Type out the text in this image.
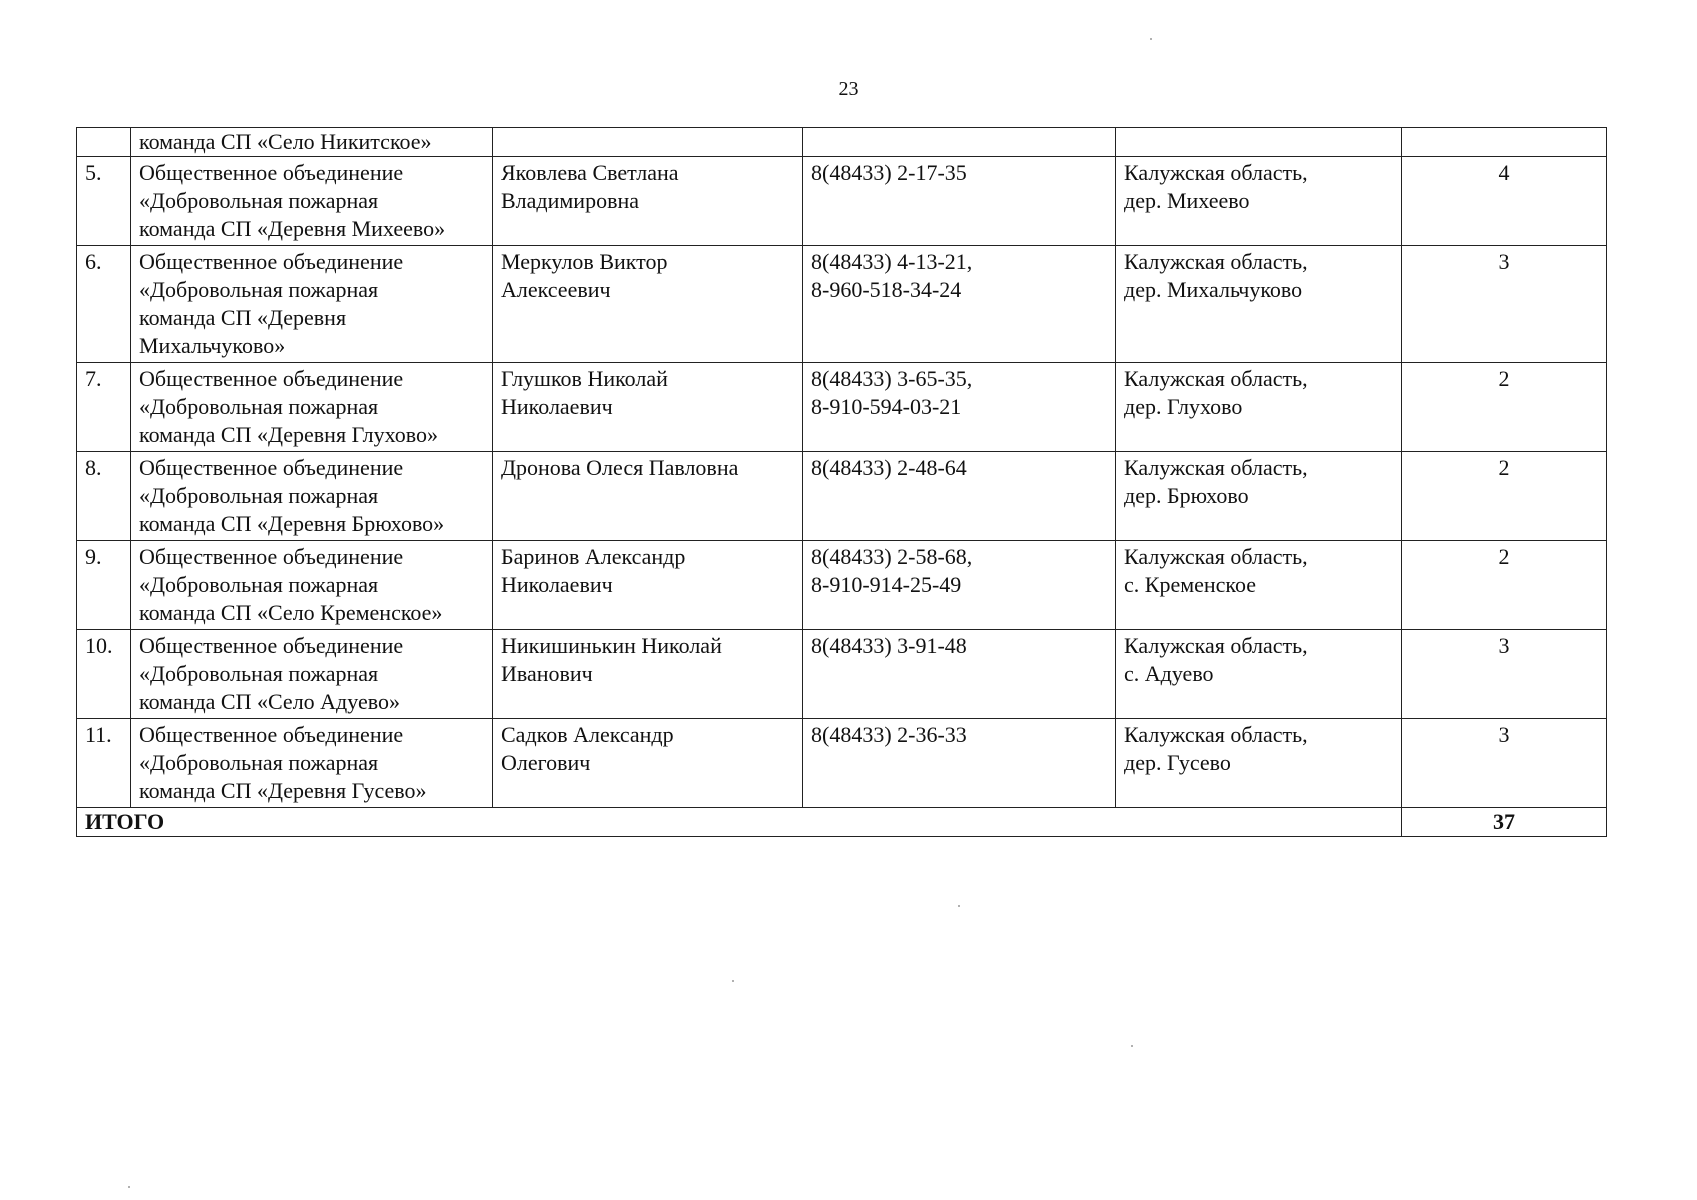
23

	команда СП «Село Никитское»				

5.	Общественное объединение
«Добровольная пожарная
команда СП «Деревня Михеево»	Яковлева Светлана
Владимировна	8(48433) 2-17-35	Калужская область,
дер. Михеево	4
6.	Общественное объединение
«Добровольная пожарная
команда СП «Деревня
Михальчуково»	Меркулов Виктор
Алексеевич	8(48433) 4-13-21,
8-960-518-34-24	Калужская область,
дер. Михальчуково	3
7.	Общественное объединение
«Добровольная пожарная
команда СП «Деревня Глухово»	Глушков Николай
Николаевич	8(48433) 3-65-35,
8-910-594-03-21	Калужская область,
дер. Глухово	2
8.	Общественное объединение
«Добровольная пожарная
команда СП «Деревня Брюхово»	Дронова Олеся Павловна	8(48433) 2-48-64	Калужская область,
дер. Брюхово	2
9.	Общественное объединение
«Добровольная пожарная
команда СП «Село Кременское»	Баринов Александр
Николаевич	8(48433) 2-58-68,
8-910-914-25-49	Калужская область,
с. Кременское	2
10.	Общественное объединение
«Добровольная пожарная
команда СП «Село Адуево»	Никишинькин Николай
Иванович	8(48433) 3-91-48	Калужская область,
с. Адуево	3
11.	Общественное объединение
«Добровольная пожарная
команда СП «Деревня Гусево»	Садков Александр
Олегович	8(48433) 2-36-33	Калужская область,
дер. Гусево	3
ИТОГО					37
